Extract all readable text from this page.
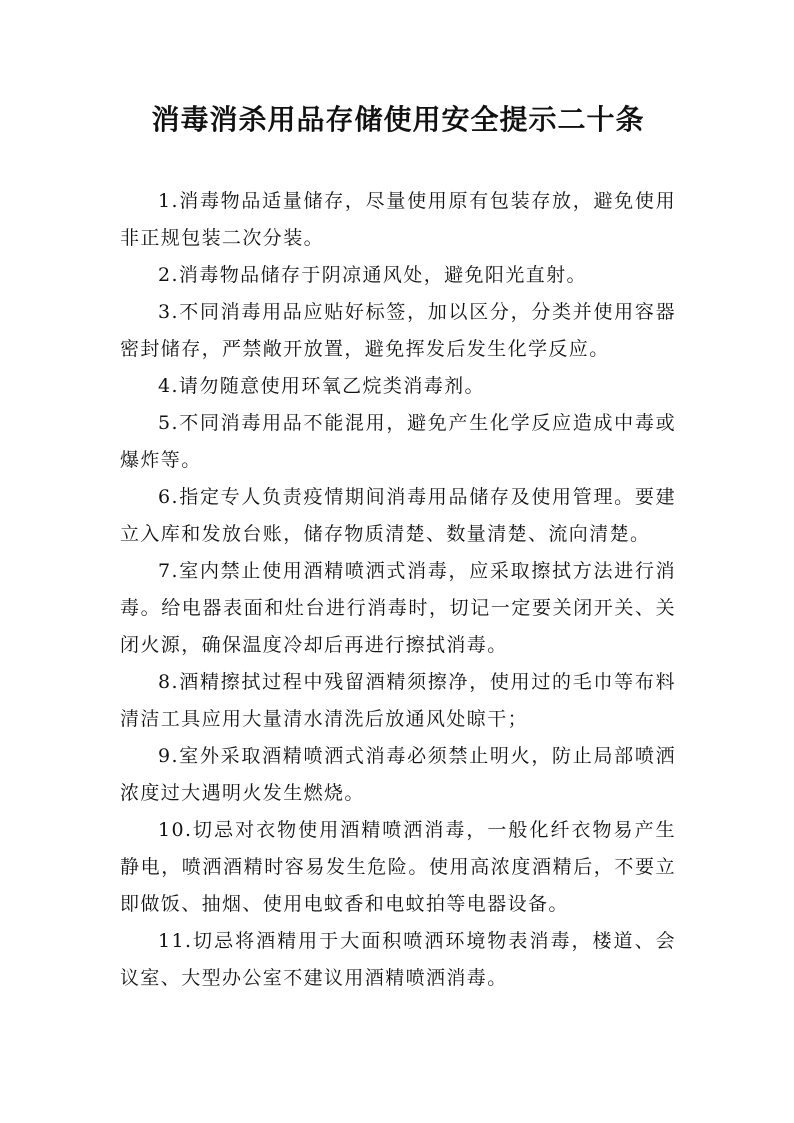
消毒消杀用品存储使用安全提示二十条

1.消毒物品适量储存，尽量使用原有包装存放，避免使用非正规包装二次分装。

2.消毒物品储存于阴凉通风处，避免阳光直射。

3.不同消毒用品应贴好标签，加以区分，分类并使用容器密封储存，严禁敞开放置，避免挥发后发生化学反应。

4.请勿随意使用环氧乙烷类消毒剂。

5.不同消毒用品不能混用，避免产生化学反应造成中毒或爆炸等。

6.指定专人负责疫情期间消毒用品储存及使用管理。要建立入库和发放台账，储存物质清楚、数量清楚、流向清楚。

7.室内禁止使用酒精喷洒式消毒，应采取擦拭方法进行消毒。给电器表面和灶台进行消毒时，切记一定要关闭开关、关闭火源，确保温度冷却后再进行擦拭消毒。

8.酒精擦拭过程中残留酒精须擦净，使用过的毛巾等布料清洁工具应用大量清水清洗后放通风处晾干；

9.室外采取酒精喷洒式消毒必须禁止明火，防止局部喷洒浓度过大遇明火发生燃烧。

10.切忌对衣物使用酒精喷洒消毒，一般化纤衣物易产生静电，喷洒酒精时容易发生危险。使用高浓度酒精后，不要立即做饭、抽烟、使用电蚊香和电蚊拍等电器设备。

11.切忌将酒精用于大面积喷洒环境物表消毒，楼道、会议室、大型办公室不建议用酒精喷洒消毒。
